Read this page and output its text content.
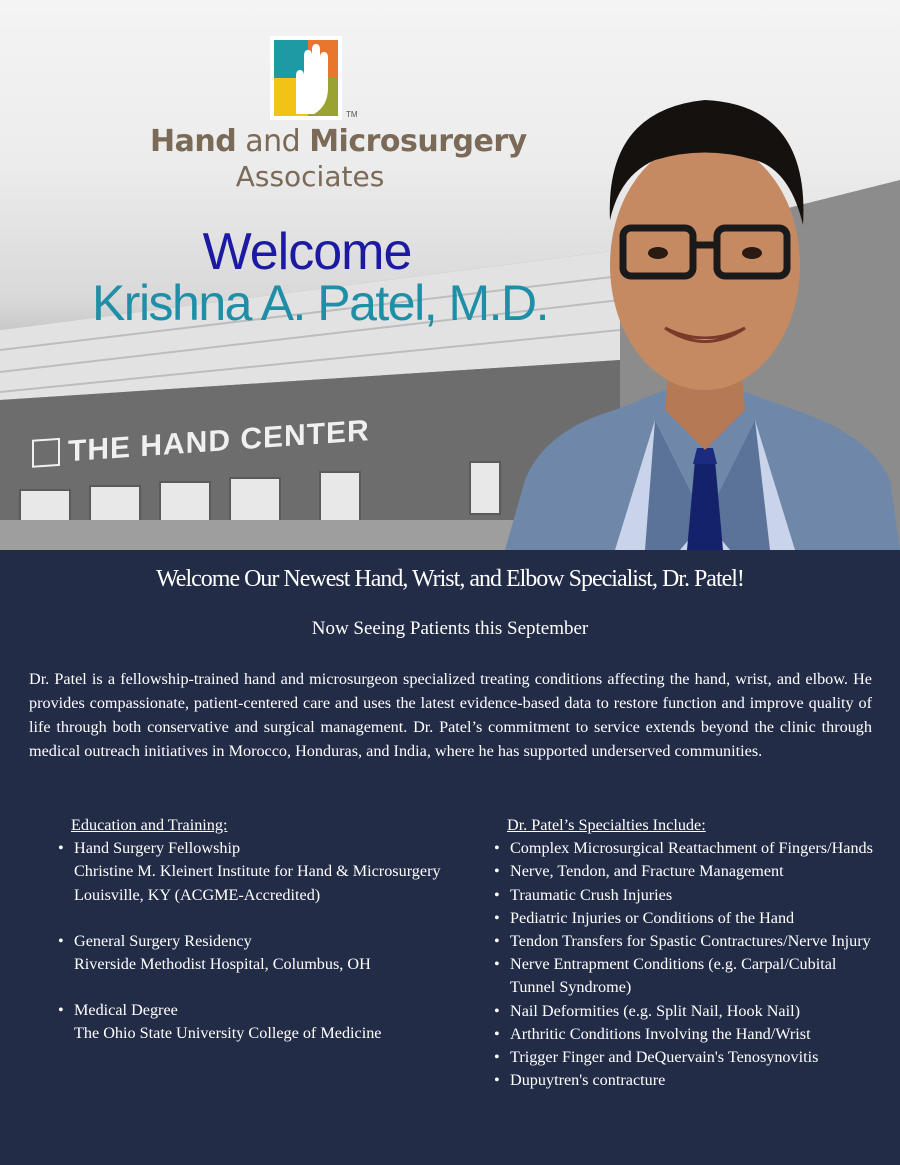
THE HAND CENTER
TM
Hand and Microsurgery
Associates
Welcome
Krishna A. Patel, M.D.
Welcome Our Newest Hand, Wrist, and Elbow Specialist, Dr. Patel!
Now Seeing Patients this September

Dr. Patel is a fellowship-trained hand and microsurgeon specialized treating conditions affecting the hand, wrist, and elbow. He provides compassionate, patient-centered care and uses the latest evidence-based data to restore function and improve quality of life through both conservative and surgical management. Dr. Patel’s commitment to service extends beyond the clinic through medical outreach initiatives in Morocco, Honduras, and India, where he has supported underserved communities.

Education and Training:
• Hand Surgery Fellowship
Christine M. Kleinert Institute for Hand & Microsurgery
Louisville, KY (ACGME-Accredited)
• General Surgery Residency
Riverside Methodist Hospital, Columbus, OH
• Medical Degree
The Ohio State University College of Medicine
Dr. Patel’s Specialties Include:
• Complex Microsurgical Reattachment of Fingers/Hands
• Nerve, Tendon, and Fracture Management
• Traumatic Crush Injuries
• Pediatric Injuries or Conditions of the Hand
• Tendon Transfers for Spastic Contractures/Nerve Injury
• Nerve Entrapment Conditions (e.g. Carpal/Cubital Tunnel Syndrome)
• Nail Deformities (e.g. Split Nail, Hook Nail)
• Arthritic Conditions Involving the Hand/Wrist
• Trigger Finger and DeQuervain's Tenosynovitis
• Dupuytren's contracture
